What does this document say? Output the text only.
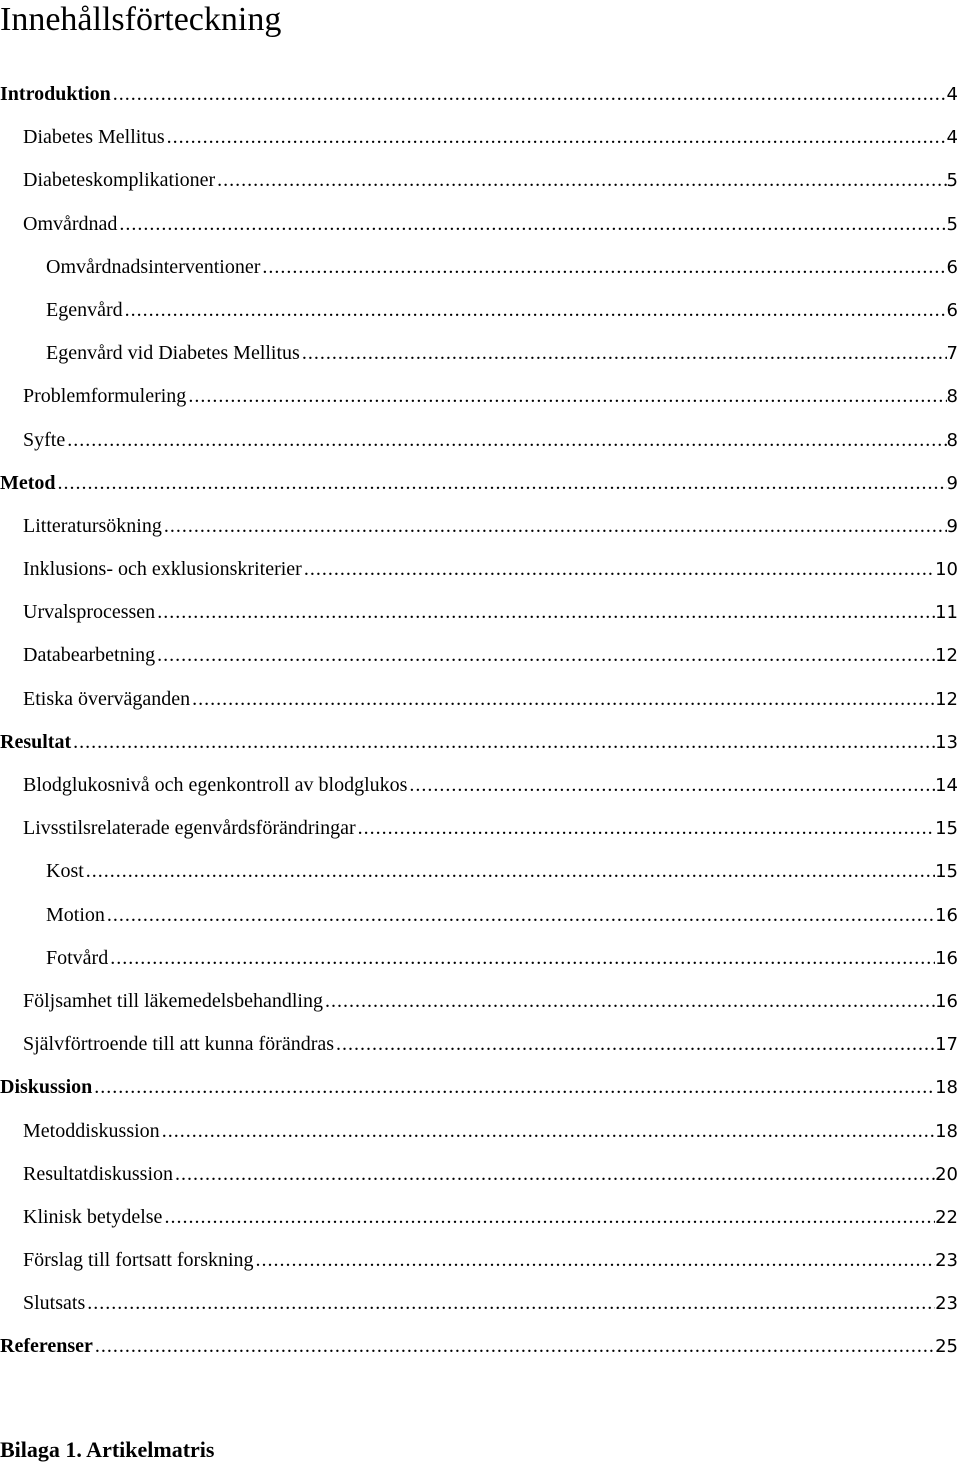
Innehållsförteckning
Introduktion .....	4
Diabetes Mellitus .....	4
Diabeteskomplikationer .....	5
Omvårdnad .....	5
Omvårdnadsinterventioner .....	6
Egenvård .....	6
Egenvård vid Diabetes Mellitus .....	7
Problemformulering .....	8
Syfte .....	8
Metod .....	9
Litteratursökning .....	9
Inklusions- och exklusionskriterier .....	10
Urvalsprocessen .....	11
Databearbetning .....	12
Etiska överväganden .....	12
Resultat .....	13
Blodglukosnivå och egenkontroll av blodglukos .....	14
Livsstilsrelaterade egenvårdsförändringar .....	15
Kost .....	15
Motion .....	16
Fotvård .....	16
Följsamhet till läkemedelsbehandling .....	16
Självförtroende till att kunna förändras .....	17
Diskussion .....	18
Metoddiskussion .....	18
Resultatdiskussion .....	20
Klinisk betydelse .....	22
Förslag till fortsatt forskning .....	23
Slutsats .....	23
Referenser .....	25
Bilaga 1. Artikelmatris
